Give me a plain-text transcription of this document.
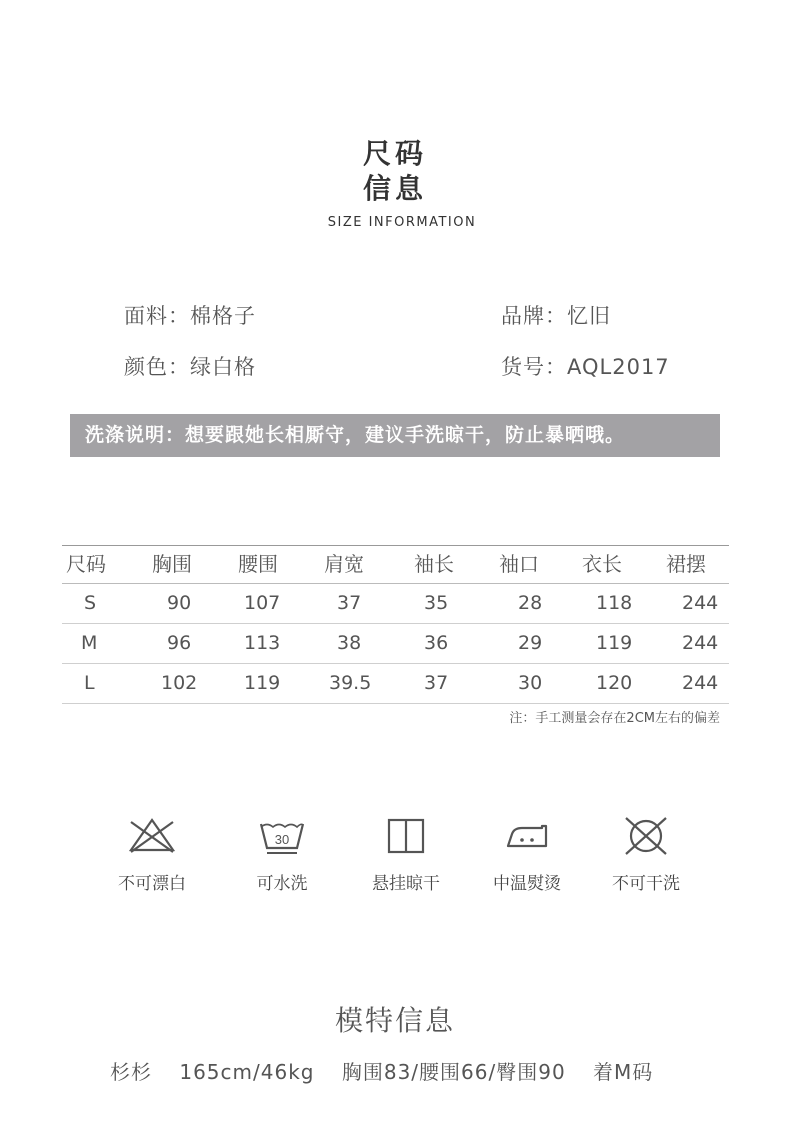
尺码
信息
SIZE INFORMATION
面料：棉格子
颜色：绿白格
品牌：忆旧
货号：AQL2017
洗涤说明：想要跟她长相厮守，建议手洗晾干，防止暴晒哦。
尺码 胸围 腰围 肩宽	袖长 袖口 衣长 裙摆
S	90	107	37	35	28	118	244
M	96	113	38	36	29	119	244
L	102 119	39.5	37	30	120	244
注：手工测量会存在2CM左右的偏差
不可漂白
30
可水洗	悬挂晾干	中温熨烫	不可干洗
模特信息
杉杉 165cm/46kg 胸围83/腰围66/臀围90 着M码
